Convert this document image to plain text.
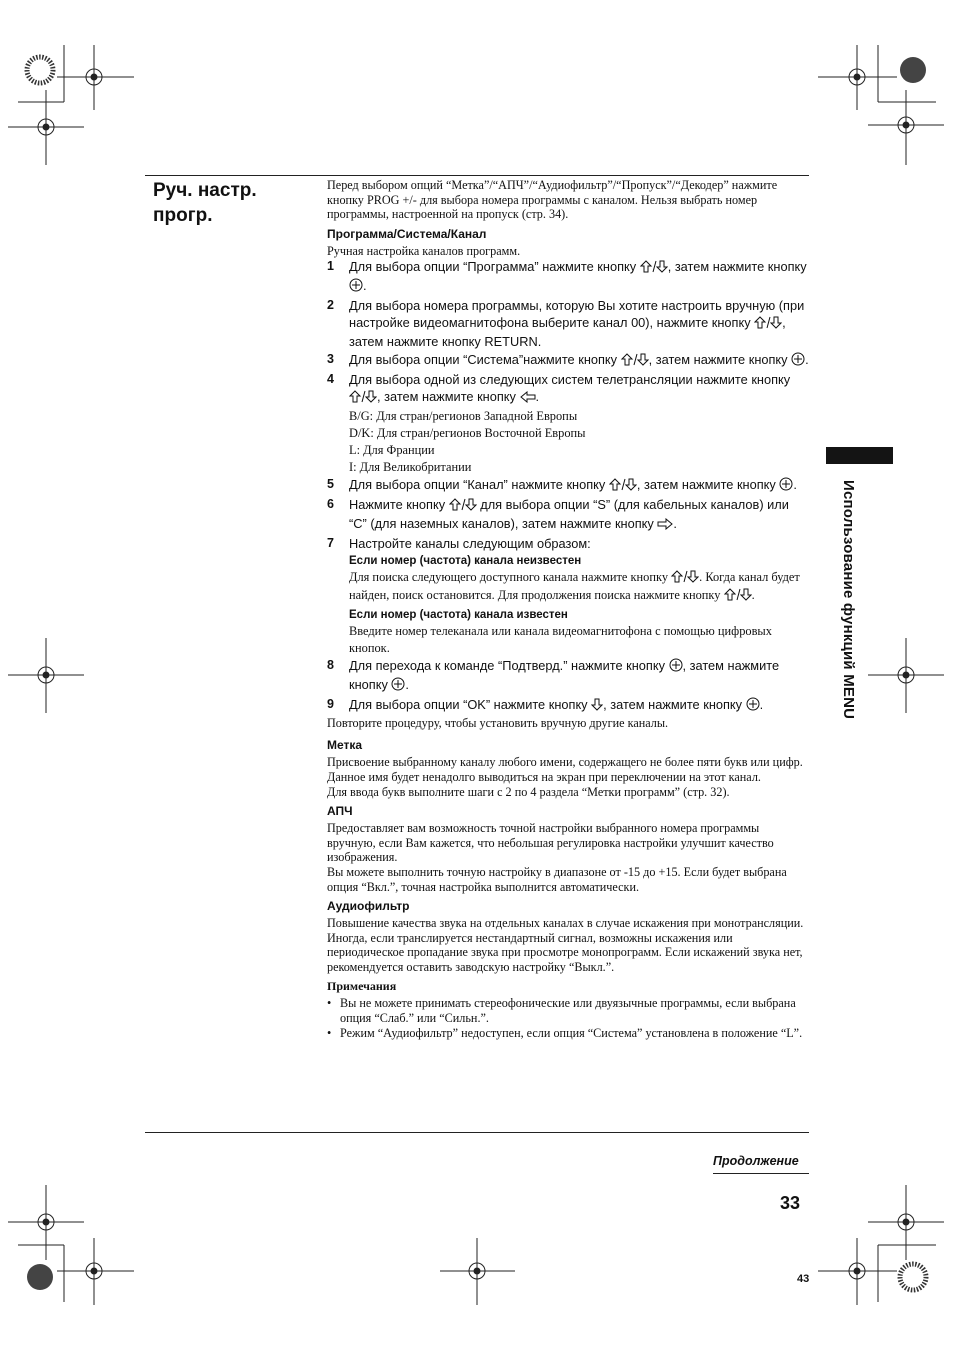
Руч. настр.
прогр.

Перед выбором опций “Метка”/“АПЧ”/“Аудиофильтр”/“Пропуск”/“Декодер” нажмите кнопку PROG +/- для выбора номера программы с каналом. Нельзя выбрать номер программы, настроенной на пропуск (стр. 34).

Программа/Система/Канал

Ручная настройка каналов программ.

1	Для выбора опции “Программа” нажмите кнопку , затем нажмите кнопку .
2	Для выбора номера программы, которую Вы хотите настроить вручную (при настройке видеомагнитофона выберите канал 00), нажмите кнопку , затем нажмите кнопку RETURN.
3	Для выбора опции “Система”нажмите кнопку , затем нажмите кнопку .
4	Для выбора одной из следующих систем телетрансляции нажмите кнопку , затем нажмите кнопку .

B/G: Для стран/регионов Западной Европы

D/K: Для стран/регионов Восточной Европы

L: Для Франции

I: Для Великобритании

5	Для выбора опции “Канал” нажмите кнопку , затем нажмите кнопку .
6	Нажмите кнопку  для выбора опции “S” (для кабельных каналов) или “C” (для наземных каналов), затем нажмите кнопку .
7	Настройте каналы следующим образом:
Если номер (частота) канала неизвестен

Для поиска следующего доступного канала нажмите кнопку . Когда канал будет найден, поиск остановится. Для продолжения поиска нажмите кнопку .

Если номер (частота) канала известен

Введите номер телеканала или канала видеомагнитофона с помощью цифровых кнопок.

8	Для перехода к команде “Подтверд.” нажмите кнопку , затем нажмите кнопку .
9	Для выбора опции “OK” нажмите кнопку , затем нажмите кнопку .

Повторите процедуру, чтобы установить вручную другие каналы.

Метка

Присвоение выбранному каналу любого имени, содержащего не более пяти букв или цифр. Данное имя будет ненадолго выводиться на экран при переключении на этот канал.

Для ввода букв выполните шаги с 2 по 4 раздела “Метки программ” (стр. 32).

АПЧ

Предоставляет вам возможность точной настройки выбранного номера программы вручную, если Вам кажется, что небольшая регулировка настройки улучшит качество изображения.

Вы можете выполнить точную настройку в диапазоне от -15 до +15. Если будет выбрана опция “Вкл.”, точная настройка выполнится автоматически.

Аудиофильтр

Повышение качества звука на отдельных каналах в случае искажения при монотрансляции. Иногда, если транслируется нестандартный сигнал, возможны искажения или периодическое пропадание звука при просмотре монопрограмм. Если искажений звука нет, рекомендуется оставить заводскую настройку “Выкл.”.

Примечания
• Вы не можете принимать стереофонические или двуязычные программы, если выбрана опция “Слаб.” или “Сильн.”.
• Режим “Аудиофильтр” недоступен, если опция “Система” установлена в положение “L”.
Использование функций MENU
Продолжение
33
43
